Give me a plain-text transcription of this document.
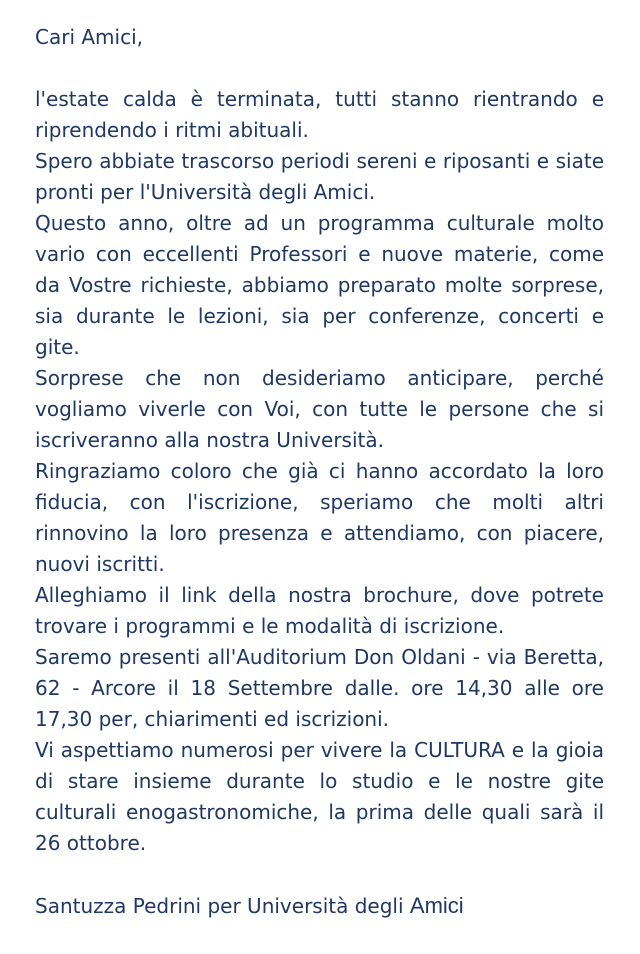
Cari Amici,

l'estate calda è terminata, tutti stanno rientrando e riprendendo i ritmi abituali.

Spero abbiate trascorso periodi sereni e riposanti e siate pronti per l'Università degli Amici.

Questo anno, oltre ad un programma culturale molto vario con eccellenti Professori e nuove materie, come da Vostre richieste, abbiamo preparato molte sorprese, sia durante le lezioni, sia per conferenze, concerti e gite.

Sorprese che non desideriamo anticipare, perché vogliamo viverle con Voi, con tutte le persone che si iscriveranno alla nostra Università.

Ringraziamo coloro che già ci hanno accordato la loro fiducia, con l'iscrizione, speriamo che molti altri rinnovino la loro presenza e attendiamo, con piacere, nuovi iscritti.

Alleghiamo il link della nostra brochure, dove potrete trovare i programmi e le modalità di iscrizione.

Saremo presenti all'Auditorium Don Oldani - via Beretta, 62 - Arcore il 18 Settembre dalle. ore 14,30 alle ore 17,30 per, chiarimenti ed iscrizioni.

Vi aspettiamo numerosi per vivere la CULTURA e la gioia di stare insieme durante lo studio e le nostre gite culturali enogastronomiche, la prima delle quali sarà il 26 ottobre.

Santuzza Pedrini per Università degli Amici
